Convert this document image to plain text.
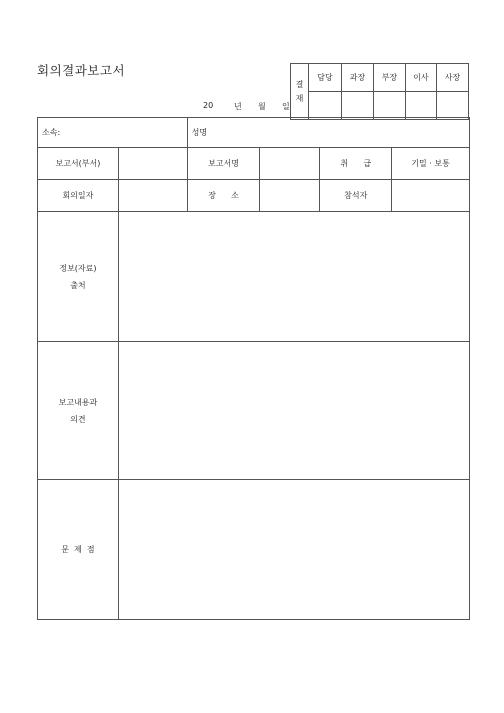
회의결과보고서
20	년 월 일
결
재	담당	과장	부장	이사	사장

소속:		성명			
보고서(부서)		보고서명		취      급	기밀 · 보통
회의일자		장      소		참석자	

정보(자료)
출처					

보고내용과
의견					

문  제  점					
